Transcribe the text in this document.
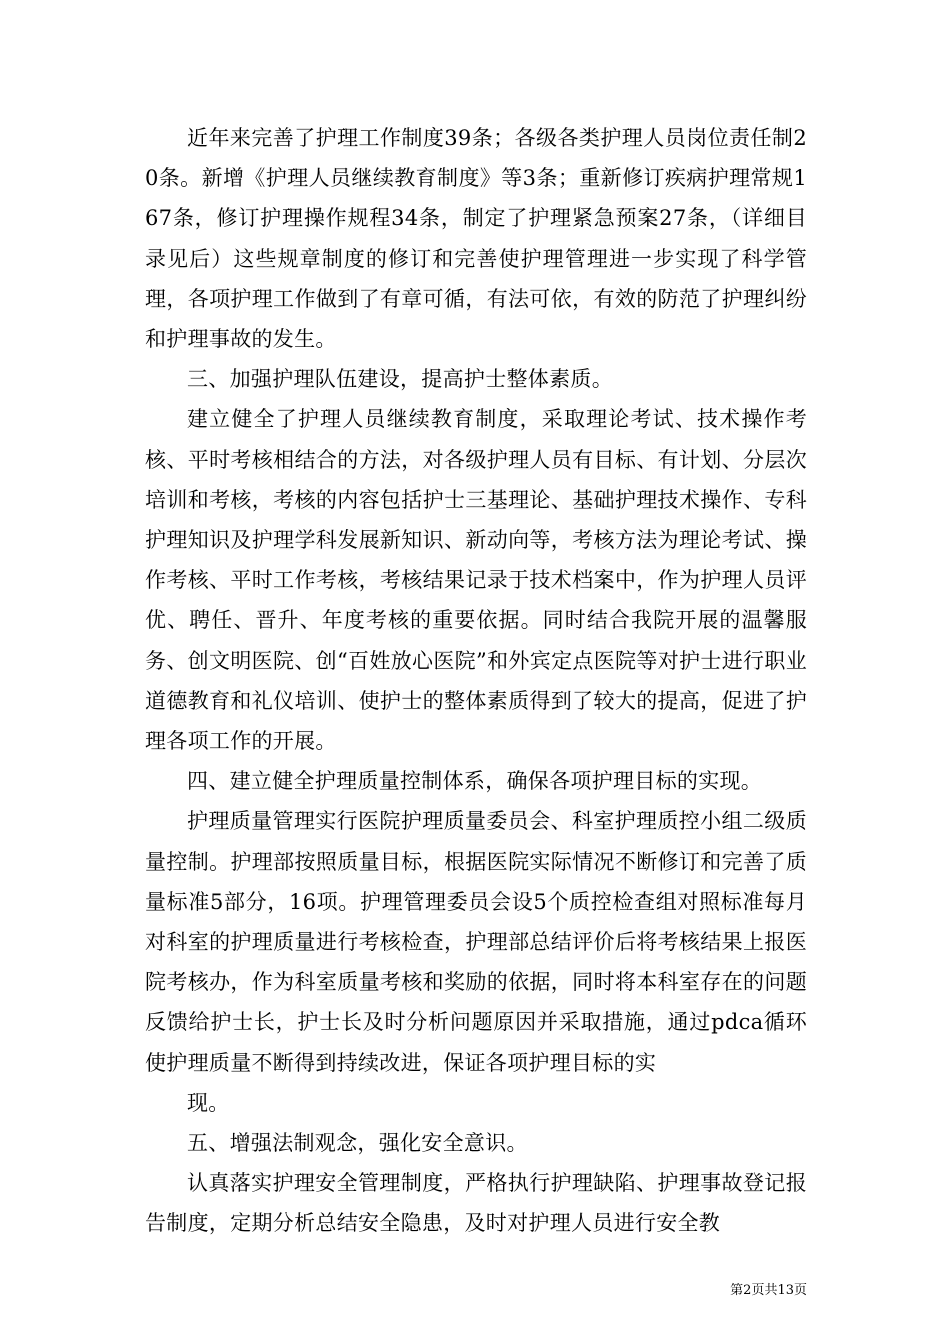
近年来完善了护理工作制度39条；各级各类护理人员岗位责任制20条。新增《护理人员继续教育制度》等3条；重新修订疾病护理常规167条，修订护理操作规程34条，制定了护理紧急预案27条，（详细目录见后）这些规章制度的修订和完善使护理管理进一步实现了科学管理，各项护理工作做到了有章可循，有法可依，有效的防范了护理纠纷和护理事故的发生。

三、加强护理队伍建设，提高护士整体素质。

建立健全了护理人员继续教育制度，采取理论考试、技术操作考核、平时考核相结合的方法，对各级护理人员有目标、有计划、分层次培训和考核，考核的内容包括护士三基理论、基础护理技术操作、专科护理知识及护理学科发展新知识、新动向等，考核方法为理论考试、操作考核、平时工作考核，考核结果记录于技术档案中，作为护理人员评优、聘任、晋升、年度考核的重要依据。同时结合我院开展的温馨服务、创文明医院、创“百姓放心医院”和外宾定点医院等对护士进行职业道德教育和礼仪培训、使护士的整体素质得到了较大的提高，促进了护理各项工作的开展。

四、建立健全护理质量控制体系，确保各项护理目标的实现。

护理质量管理实行医院护理质量委员会、科室护理质控小组二级质量控制。护理部按照质量目标，根据医院实际情况不断修订和完善了质量标准5部分，16项。护理管理委员会设5个质控检查组对照标准每月对科室的护理质量进行考核检查，护理部总结评价后将考核结果上报医院考核办，作为科室质量考核和奖励的依据，同时将本科室存在的问题反馈给护士长，护士长及时分析问题原因并采取措施，通过pdca循环使护理质量不断得到持续改进，保证各项护理目标的实

现。

五、增强法制观念，强化安全意识。

认真落实护理安全管理制度，严格执行护理缺陷、护理事故登记报告制度，定期分析总结安全隐患，及时对护理人员进行安全教

第2页共13页
